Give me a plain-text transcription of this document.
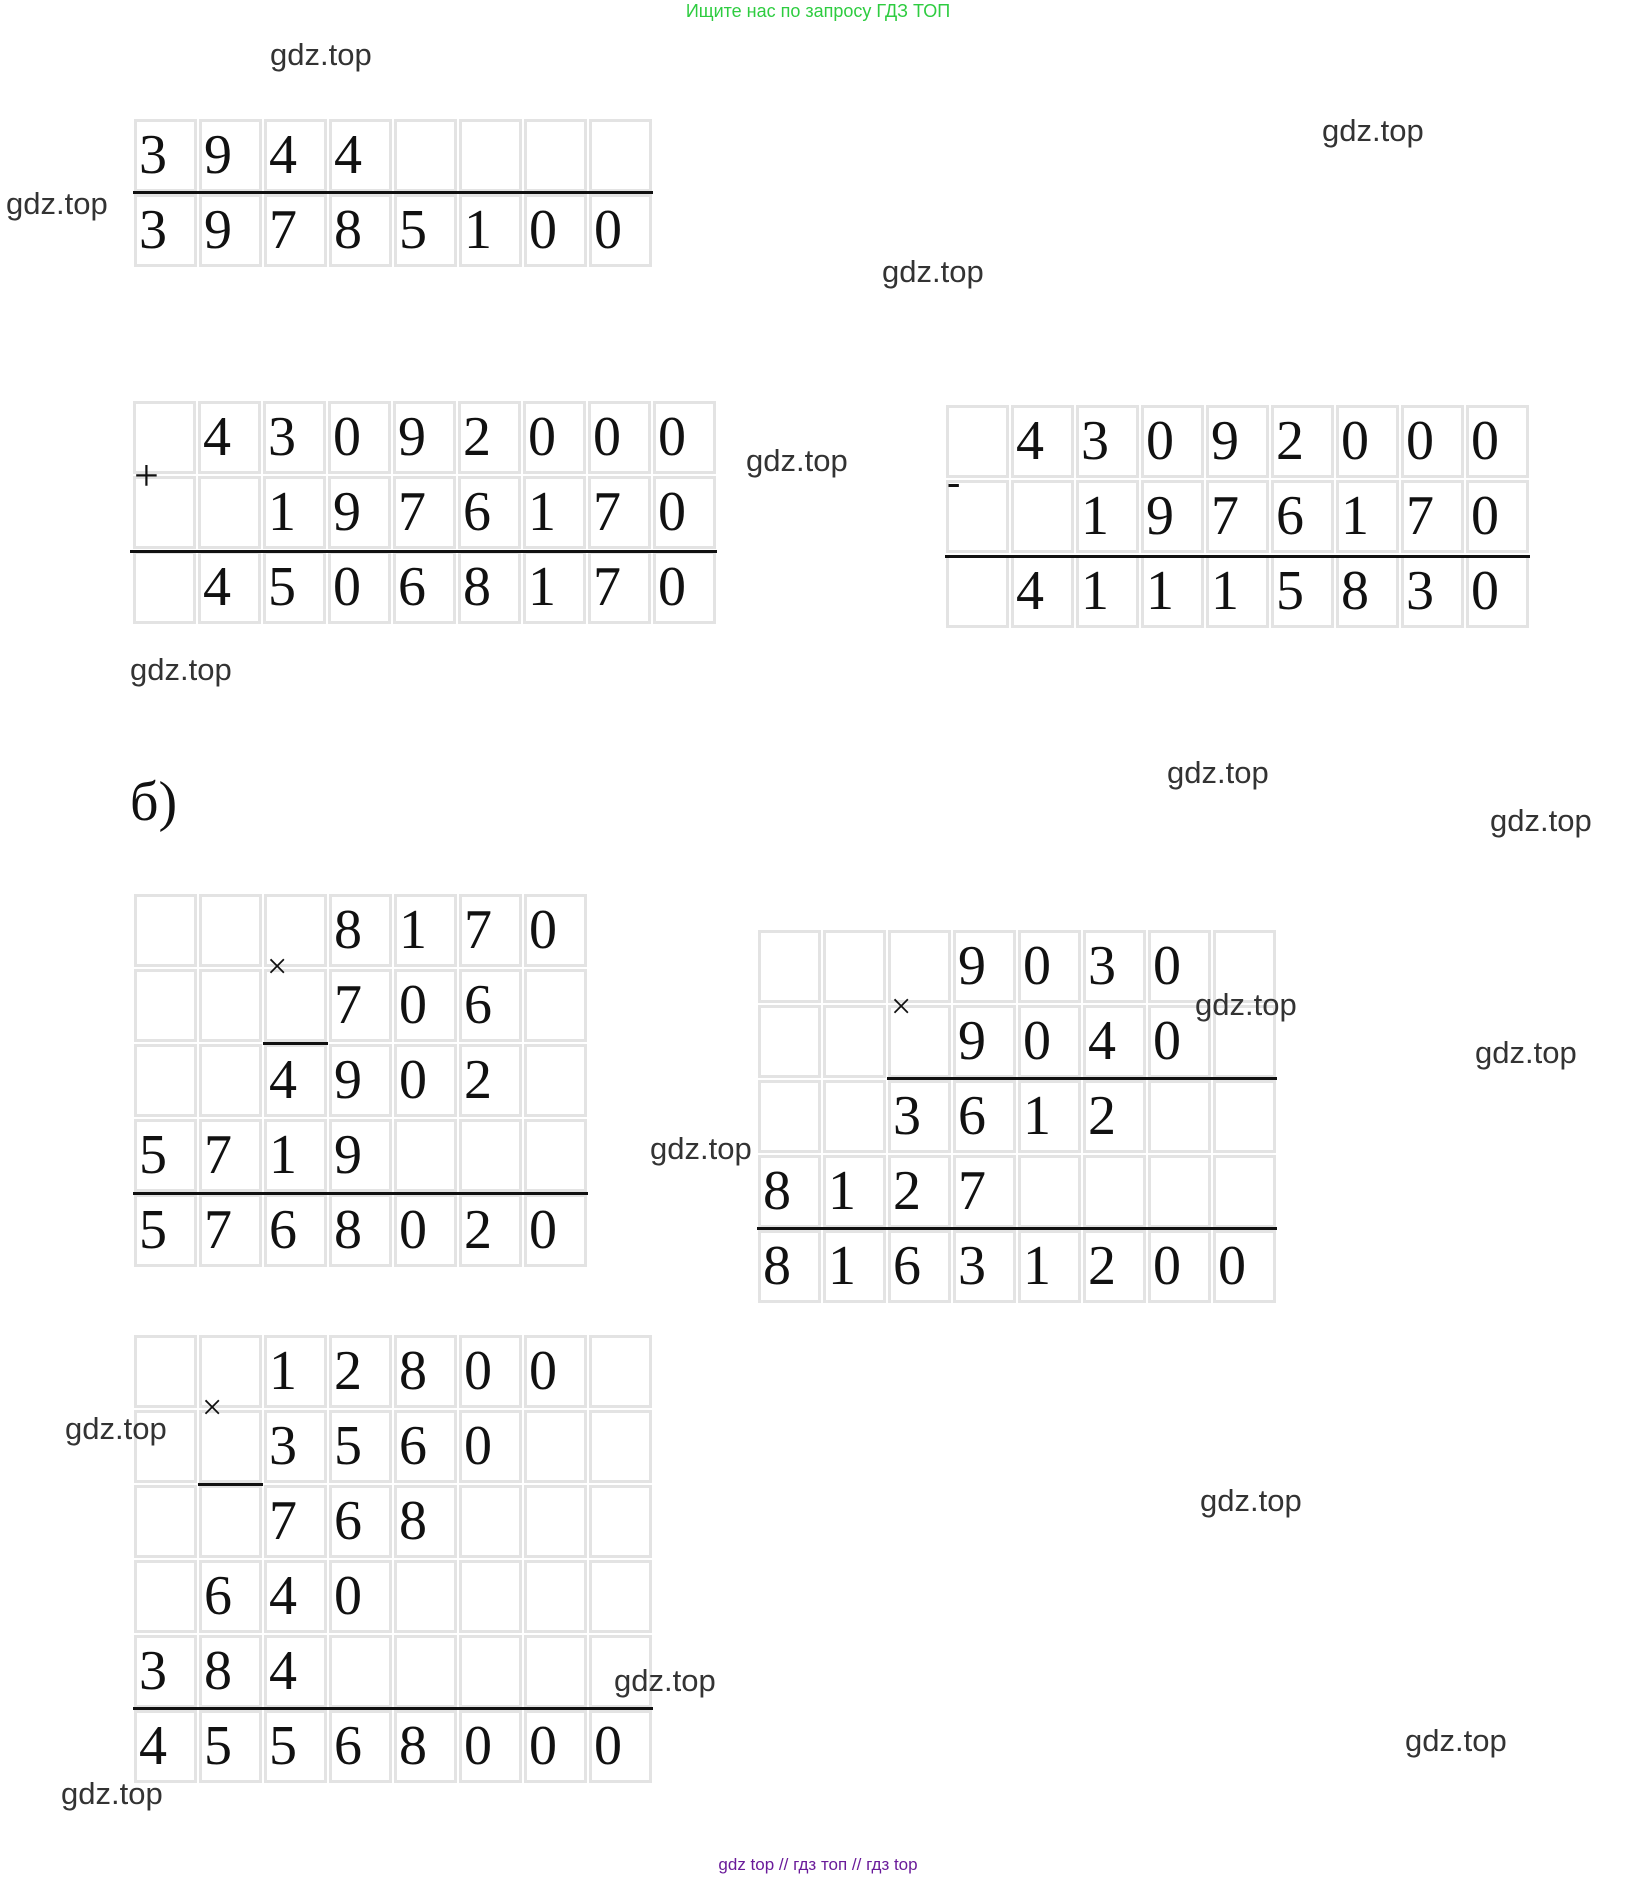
Ищите нас по запросу ГДЗ ТОП
3 9 4 4
3 9 7 8 5 1 0 0
4 3 0 9 2 0 0 0
1 9 7 6 1 7 0
4 5 0 6 8 1 7 0
4 3 0 9 2 0 0 0
1 9 7 6 1 7 0
4 1 1 1 5 8 3 0
8 1 7 0
7 0 6
4 9 0 2
5 7 1 9
5 7 6 8 0 2 0
9 0 3 0
9 0 4 0
3 6 1 2
8 1 2 7
8 1 6 3 1 2 0 0
1 2 8 0 0
3 5 6 0
7 6 8
6 4 0
3 8 4
4 5 5 6 8 0 0 0
+	-
×
×
×
б)
gdz.top
gdz.top
gdz.top
gdz.top
gdz.top
gdz.top
gdz.top
gdz.top
gdz.top
gdz.top
gdz.top
gdz.top
gdz.top
gdz.top
gdz.top
gdz.top
gdz top // гдз топ // гдз top
